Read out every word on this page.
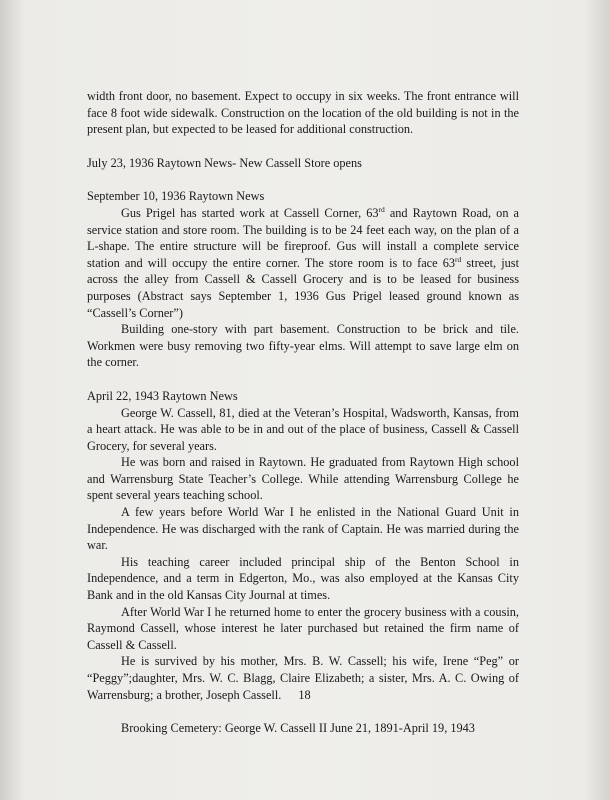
width front door, no basement. Expect to occupy in six weeks. The front entrance will face 8 foot wide sidewalk. Construction on the location of the old building is not in the present plan, but expected to be leased for additional construction.

July 23, 1936 Raytown News- New Cassell Store opens

September 10, 1936 Raytown News

Gus Prigel has started work at Cassell Corner, 63rd and Raytown Road, on a service station and store room. The building is to be 24 feet each way, on the plan of a L-shape. The entire structure will be fireproof. Gus will install a complete service station and will occupy the entire corner. The store room is to face 63rd street, just across the alley from Cassell & Cassell Grocery and is to be leased for business purposes (Abstract says September 1, 1936 Gus Prigel leased ground known as “Cassell’s Corner”)

Building one-story with part basement. Construction to be brick and tile. Workmen were busy removing two fifty-year elms. Will attempt to save large elm on the corner.

April 22, 1943 Raytown News

George W. Cassell, 81, died at the Veteran’s Hospital, Wadsworth, Kansas, from a heart attack. He was able to be in and out of the place of business, Cassell & Cassell Grocery, for several years.

He was born and raised in Raytown. He graduated from Raytown High school and Warrensburg State Teacher’s College. While attending Warrensburg College he spent several years teaching school.

A few years before World War I he enlisted in the National Guard Unit in Independence. He was discharged with the rank of Captain. He was married during the war.

His teaching career included principal ship of the Benton School in Independence, and a term in Edgerton, Mo., was also employed at the Kansas City Bank and in the old Kansas City Journal at times.

After World War I he returned home to enter the grocery business with a cousin, Raymond Cassell, whose interest he later purchased but retained the firm name of Cassell & Cassell.

He is survived by his mother, Mrs. B. W. Cassell; his wife, Irene “Peg” or “Peggy”;daughter, Mrs. W. C. Blagg, Claire Elizabeth; a sister, Mrs. A. C. Owing of Warrensburg; a brother, Joseph Cassell.

Brooking Cemetery: George W. Cassell II June 21, 1891-April 19, 1943

18
